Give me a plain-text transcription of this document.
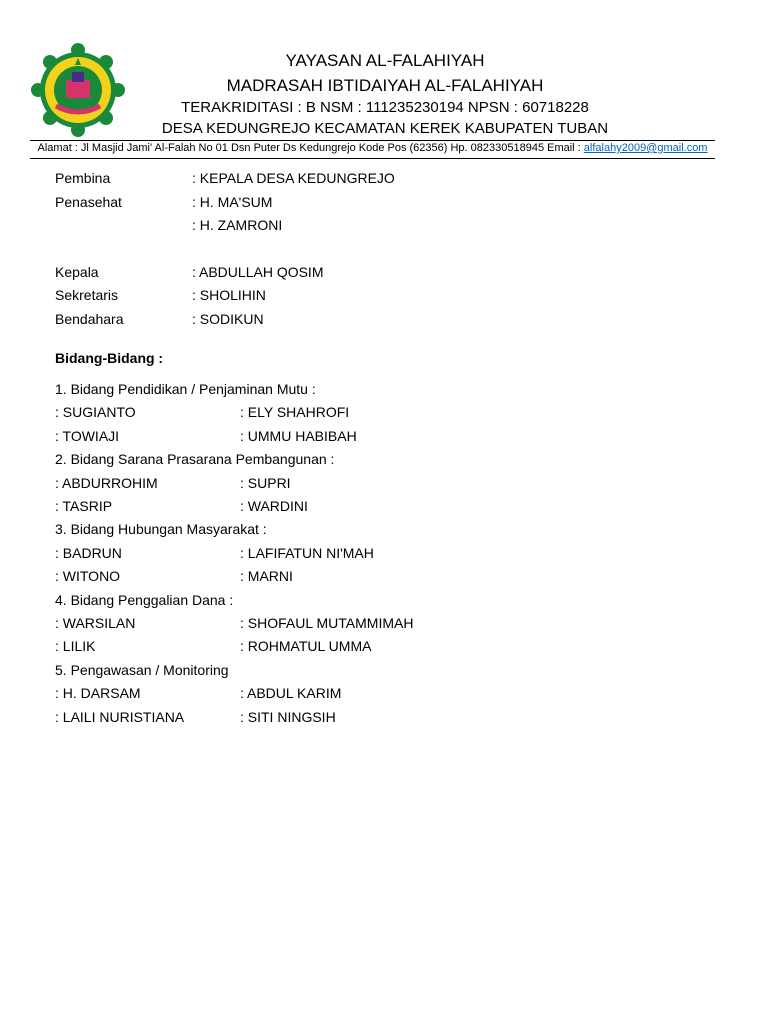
YAYASAN AL-FALAHIYAH
MADRASAH IBTIDAIYAH AL-FALAHIYAH
TERAKRIDITASI : B NSM : 111235230194 NPSN : 60718228
DESA KEDUNGREJO KECAMATAN KEREK KABUPATEN TUBAN
Alamat : Jl Masjid Jami' Al-Falah No 01 Dsn Puter Ds Kedungrejo Kode Pos (62356) Hp. 082330518945 Email : alfalahy2009@gmail.com
Pembina	: KEPALA DESA KEDUNGREJO
Penasehat	: H. MA'SUM
: H. ZAMRONI
Kepala	: ABDULLAH QOSIM
Sekretaris	: SHOLIHIN
Bendahara	: SODIKUN
Bidang-Bidang :
1. Bidang Pendidikan / Penjaminan Mutu :
: SUGIANTO	: ELY SHAHROFI
: TOWIAJI	: UMMU HABIBAH
2. Bidang Sarana Prasarana Pembangunan :
: ABDURROHIM	: SUPRI
: TASRIP	: WARDINI
3. Bidang Hubungan Masyarakat :
: BADRUN	: LAFIFATUN NI'MAH
: WITONO	: MARNI
4. Bidang Penggalian Dana :
: WARSILAN	: SHOFAUL MUTAMMIMAH
: LILIK	: ROHMATUL UMMA
5. Pengawasan / Monitoring
: H. DARSAM	: ABDUL KARIM
: LAILI NURISTIANA	: SITI NINGSIH
